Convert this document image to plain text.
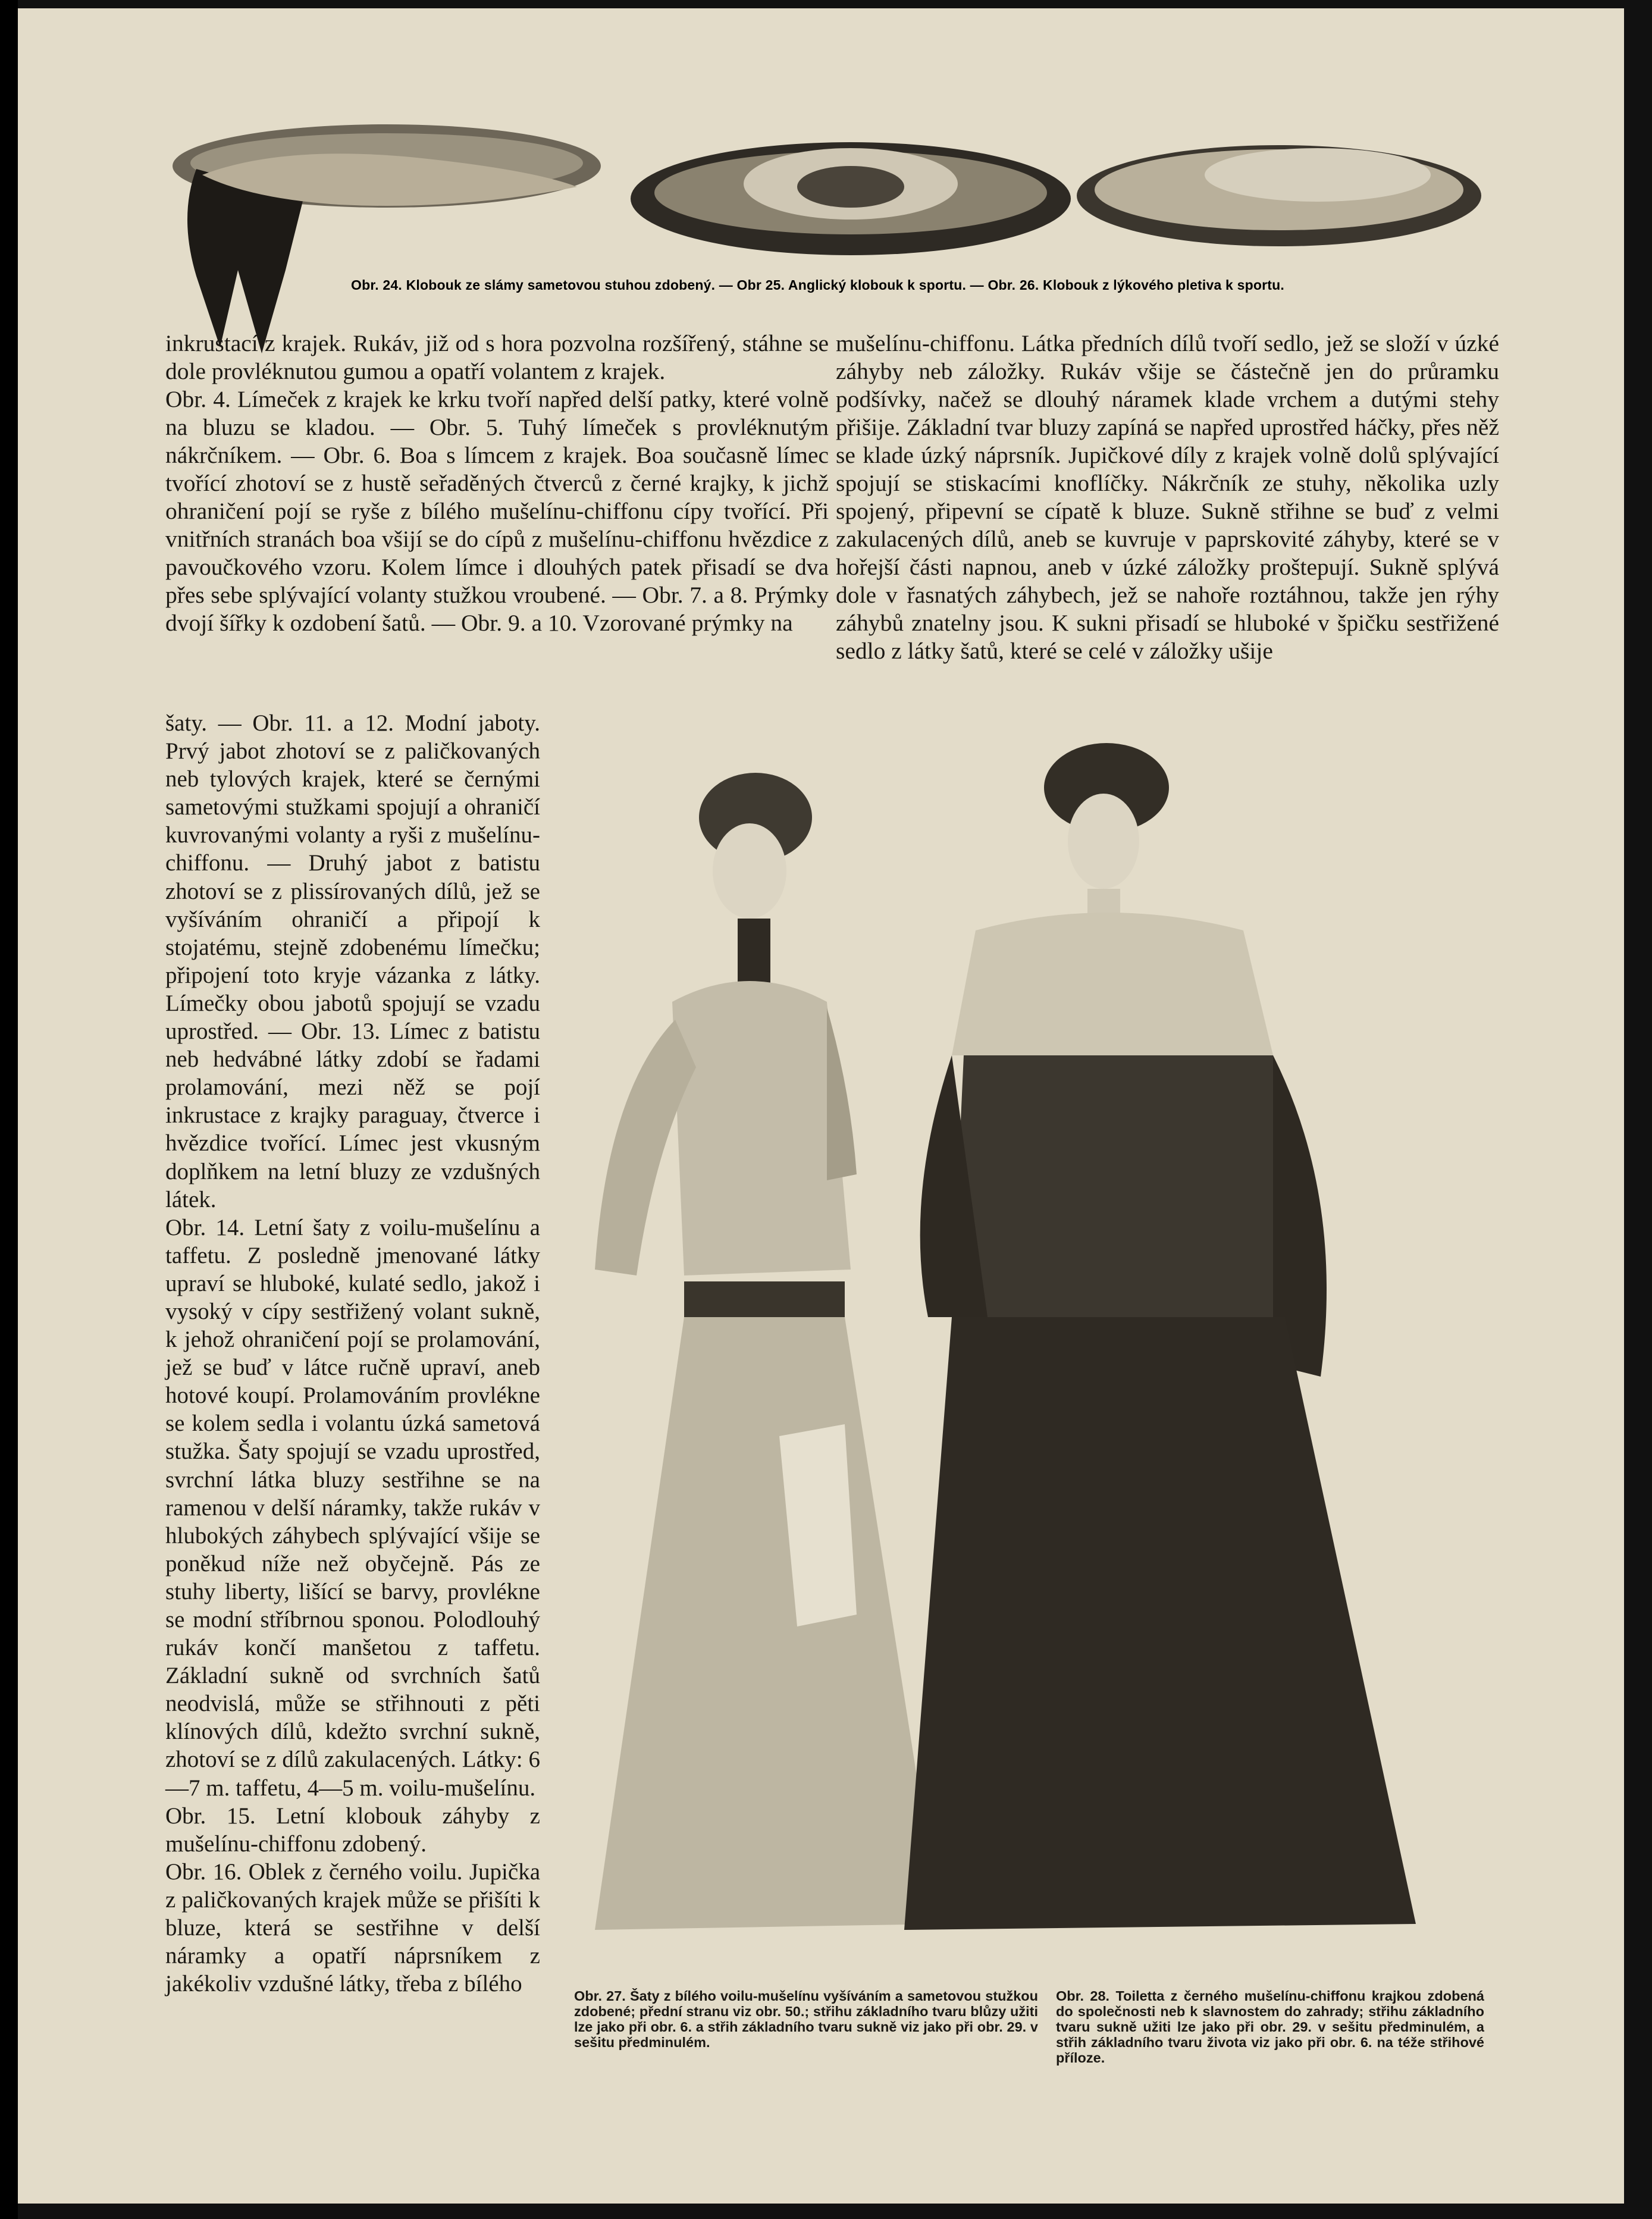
Obr. 24. Klobouk ze slámy sametovou stuhou zdobený. — Obr 25. Anglický klobouk k sportu. — Obr. 26. Klobouk z lýkového pletiva k sportu.

inkrustací z krajek. Rukáv, již od s hora pozvolna rozšířený, stáhne se dole provléknutou gumou a opatří volantem z krajek.

Obr. 4. Límeček z krajek ke krku tvoří napřed delší patky, které volně na bluzu se kladou. — Obr. 5. Tuhý límeček s provléknutým nákrčníkem. — Obr. 6. Boa s límcem z krajek. Boa současně límec tvořící zhotoví se z hustě seřaděných čtverců z černé krajky, k jichž ohraničení pojí se ryše z bílého mušelínu-chiffonu cípy tvořící. Při vnitřních stranách boa všijí se do cípů z mušelínu-chiffonu hvězdice z pavoučkového vzoru. Kolem límce i dlouhých patek přisadí se dva přes sebe splývající volanty stužkou vroubené. — Obr. 7. a 8. Prýmky dvojí šířky k ozdobení šatů. — Obr. 9. a 10. Vzorované prýmky na

mušelínu-chiffonu. Látka předních dílů tvoří sedlo, jež se složí v úzké záhyby neb záložky. Rukáv všije se částečně jen do průramku podšívky, načež se dlouhý náramek klade vrchem a dutými stehy přišije. Základní tvar bluzy zapíná se napřed uprostřed háčky, přes něž se klade úzký náprsník. Jupičkové díly z krajek volně dolů splývající spojují se stiskacími knoflíčky. Nákrčník ze stuhy, několika uzly spojený, připevní se cípatě k bluze. Sukně střihne se buď z velmi zakulacených dílů, aneb se kuvruje v paprskovité záhyby, které se v hořejší části napnou, aneb v úzké záložky proštepují. Sukně splývá dole v řasnatých záhybech, jež se nahoře roztáhnou, takže jen rýhy záhybů znatelny jsou. K sukni přisadí se hluboké v špičku sestřižené sedlo z látky šatů, které se celé v záložky ušije

šaty. — Obr. 11. a 12. Modní jaboty. Prvý jabot zhotoví se z paličkovaných neb tylových krajek, které se černými sametovými stužkami spojují a ohraničí kuvrovanými volanty a ryši z mušelínu-chiffonu. — Druhý jabot z batistu zhotoví se z plissírovaných dílů, jež se vyšíváním ohraničí a připojí k stojatému, stejně zdobenému límečku; připojení toto kryje vázanka z látky. Límečky obou jabotů spojují se vzadu uprostřed. — Obr. 13. Límec z batistu neb hedvábné látky zdobí se řadami prolamování, mezi něž se pojí inkrustace z krajky paraguay, čtverce i hvězdice tvořící. Límec jest vkusným doplňkem na letní bluzy ze vzdušných látek.

Obr. 14. Letní šaty z voilu-mušelínu a taffetu. Z posledně jmenované látky upraví se hluboké, kulaté sedlo, jakož i vysoký v cípy sestřižený volant sukně, k jehož ohraničení pojí se prolamování, jež se buď v látce ručně upraví, aneb hotové koupí. Prolamováním provlékne se kolem sedla i volantu úzká sametová stužka. Šaty spojují se vzadu uprostřed, svrchní látka bluzy sestřihne se na ramenou v delší náramky, takže rukáv v hlubokých záhybech splývající všije se poněkud níže než obyčejně. Pás ze stuhy liberty, lišící se barvy, provlékne se modní stříbrnou sponou. Polodlouhý rukáv končí manšetou z taffetu. Základní sukně od svrchních šatů neodvislá, může se střihnouti z pěti klínových dílů, kdežto svrchní sukně, zhotoví se z dílů zakulacených. Látky: 6—7 m. taffetu, 4—5 m. voilu-mušelínu.

Obr. 15. Letní klobouk záhyby z mušelínu-chiffonu zdobený.

Obr. 16. Oblek z černého voilu. Jupička z paličkovaných krajek může se přišíti k bluze, která se sestřihne v delší náramky a opatří náprsníkem z jakékoliv vzdušné látky, třeba z bílého	Obr. 27. Šaty z bílého voilu-mušelínu vyšíváním a sametovou stužkou zdobené; přední stranu viz obr. 50.; střihu základního tvaru blůzy užiti lze jako při obr. 6. a střih základního tvaru sukně viz jako při obr. 29. v sešitu předminulém.
Obr. 28. Toiletta z černého mušelínu-chiffonu krajkou zdobená do společnosti neb k slavnostem do zahrady; střihu základního tvaru sukně užiti lze jako při obr. 29. v sešitu předminulém, a střih základního tvaru života viz jako při obr. 6. na téže střihové příloze.
